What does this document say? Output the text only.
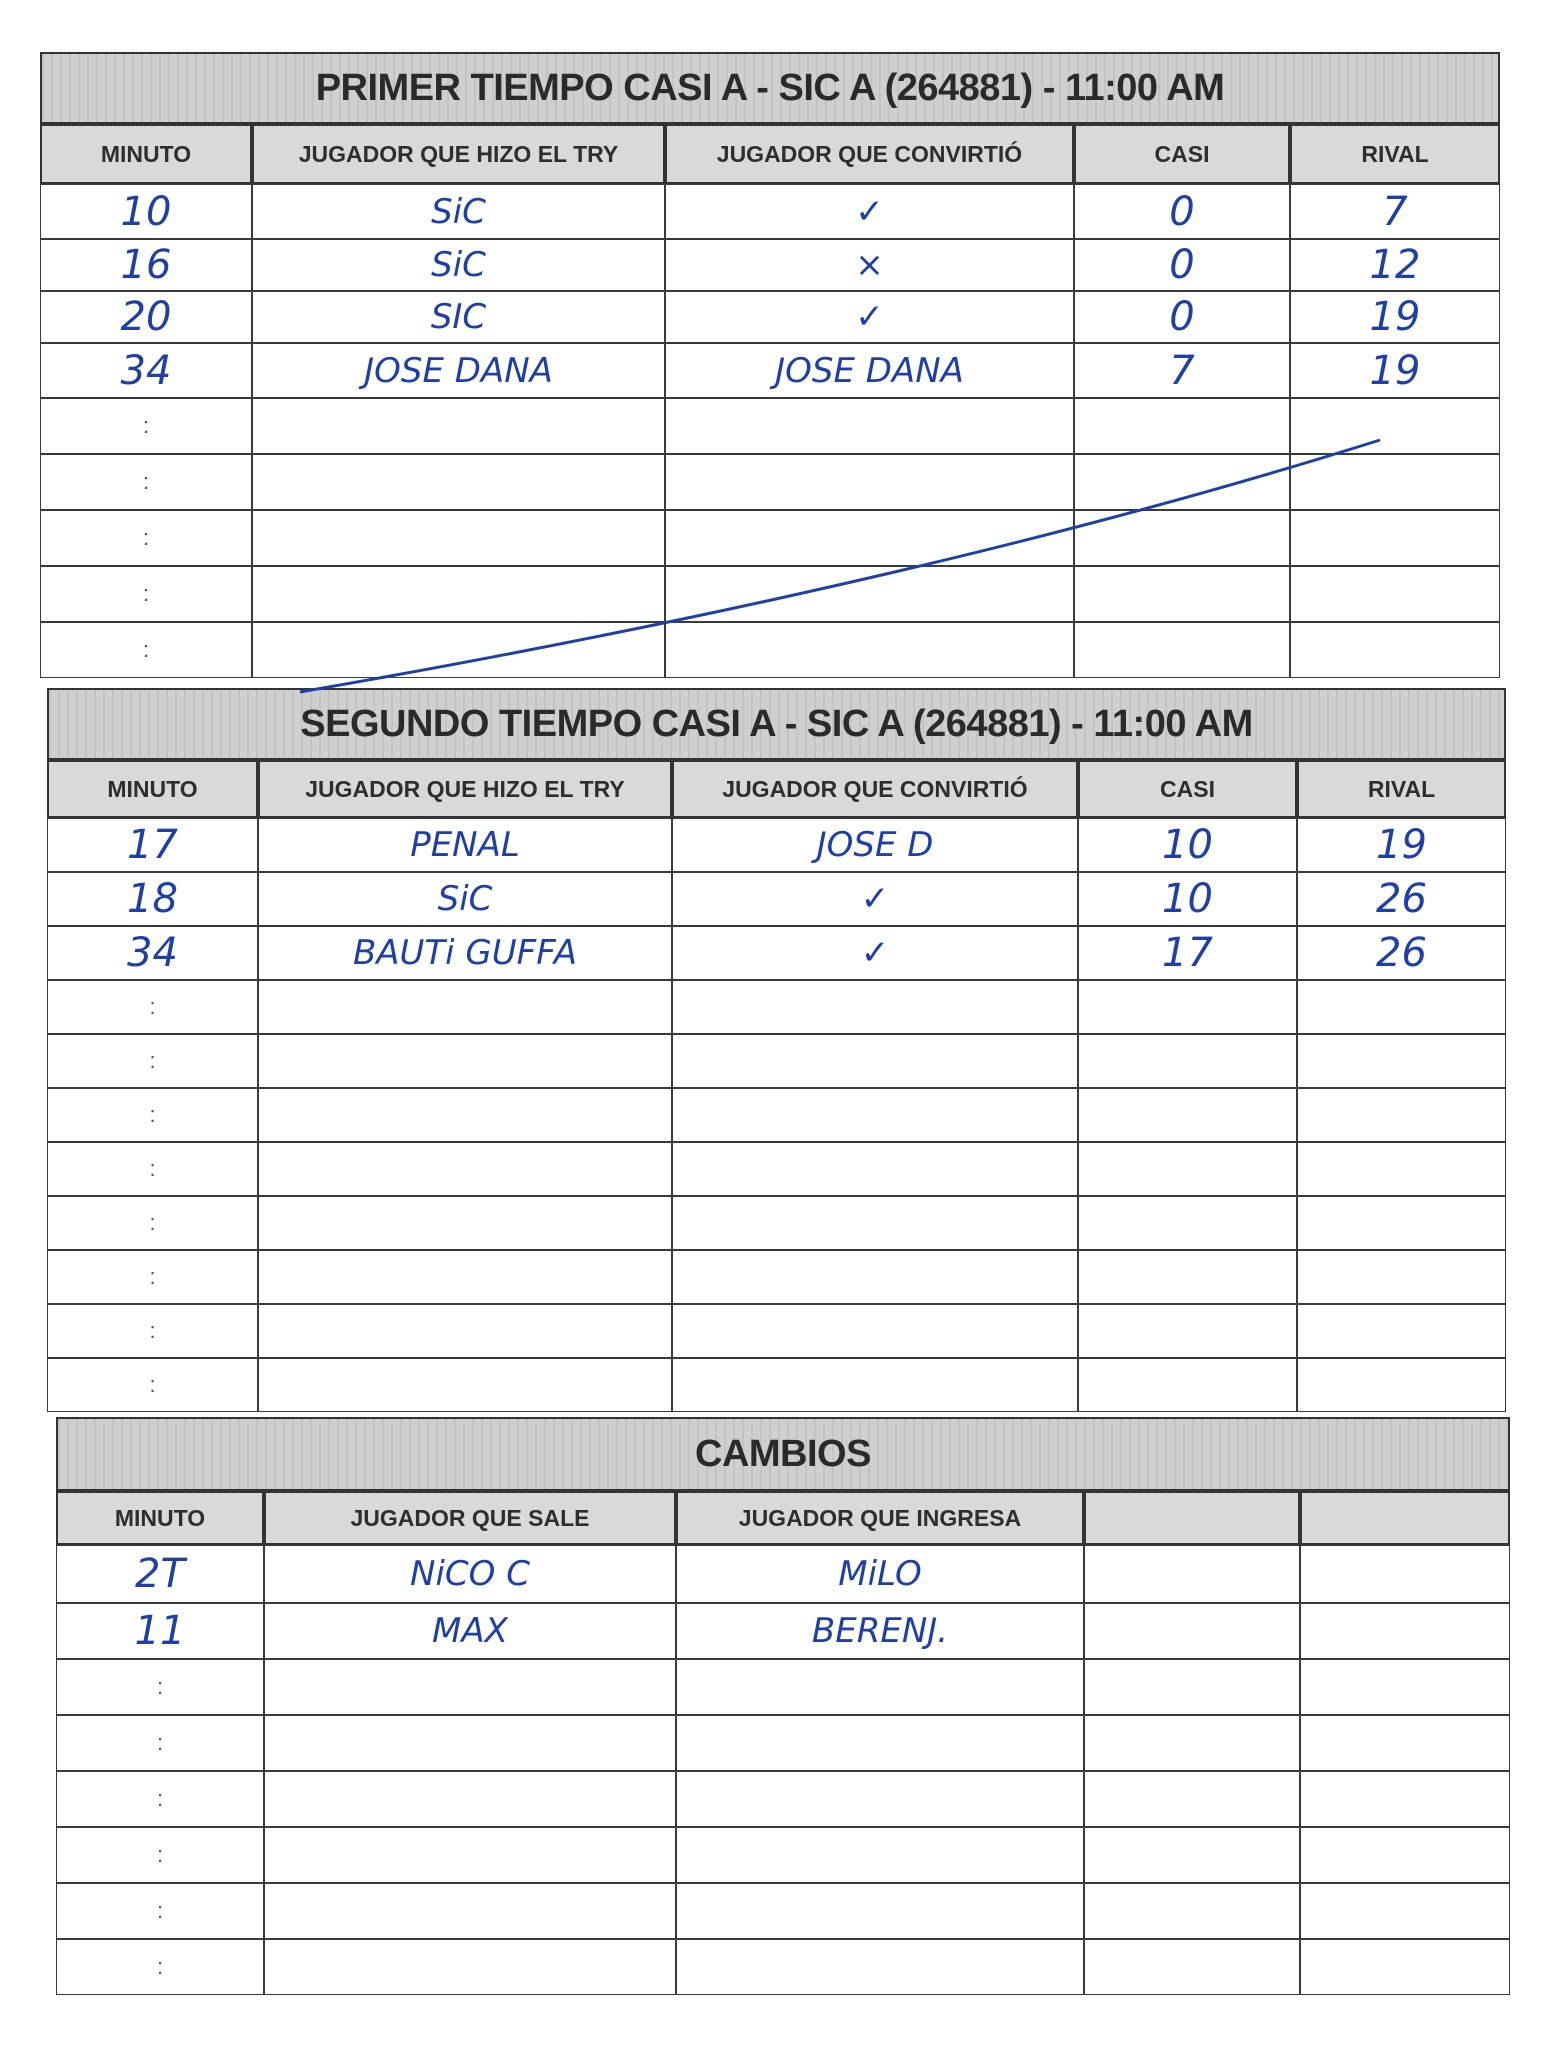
PRIMER TIEMPO CASI A - SIC A (264881) - 11:00 AM
MINUTO	JUGADOR QUE HIZO EL TRY	JUGADOR QUE CONVIRTIÓ	CASI	RIVAL
10	SiC	✓	0	7
16	SiC	×	0	12
20	SIC	✓	0	19
34	JOSE DANA	JOSE DANA	7	19
:
:
:
:
:
SEGUNDO TIEMPO CASI A - SIC A (264881) - 11:00 AM
MINUTO	JUGADOR QUE HIZO EL TRY	JUGADOR QUE CONVIRTIÓ	CASI	RIVAL
17	PENAL	JOSE D	10	19
18	SiC	✓	10	26
34	BAUTi GUFFA	✓	17	26
:
:
:
:
:
:
:
:
CAMBIOS
MINUTO	JUGADOR QUE SALE	JUGADOR QUE INGRESA
2T	NiCO C	MiLO
11	MAX	BERENJ.
:
:
:
:
:
:
